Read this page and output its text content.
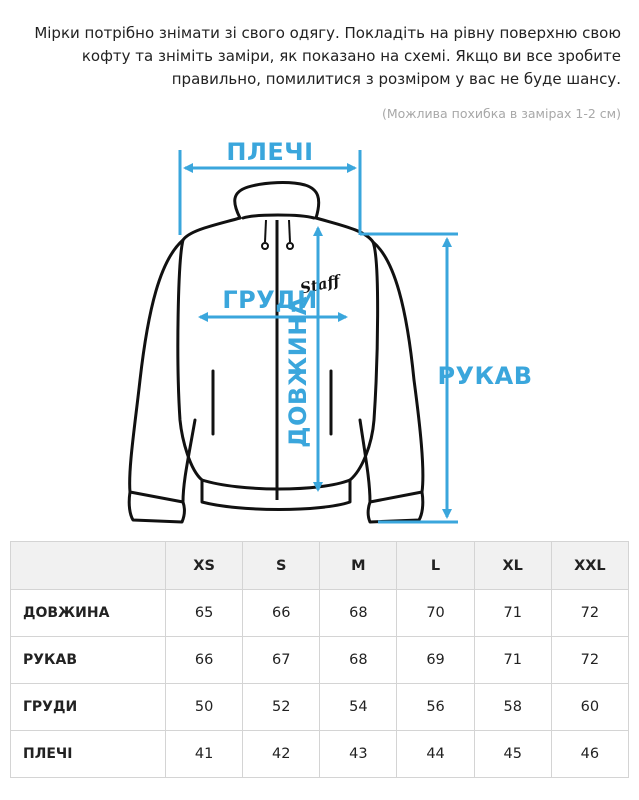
Мірки потрібно знімати зі свого одягу. Покладіть на рівну поверхню свою кофту та зніміть заміри, як показано на схемі. Якщо ви все зробите правильно, помилитися з розміром у вас не буде шансу.
(Можлива похибка в замірах 1-2 см)
Staff
ПЛЕЧІ
ГРУДИ
ДОВЖИНА	РУКАВ
	XS	S	M	L	XL	XXL
ДОВЖИНА	65	66	68	70	71	72
РУКАВ	66	67	68	69	71	72
ГРУДИ	50	52	54	56	58	60
ПЛЕЧІ	41	42	43	44	45	46
